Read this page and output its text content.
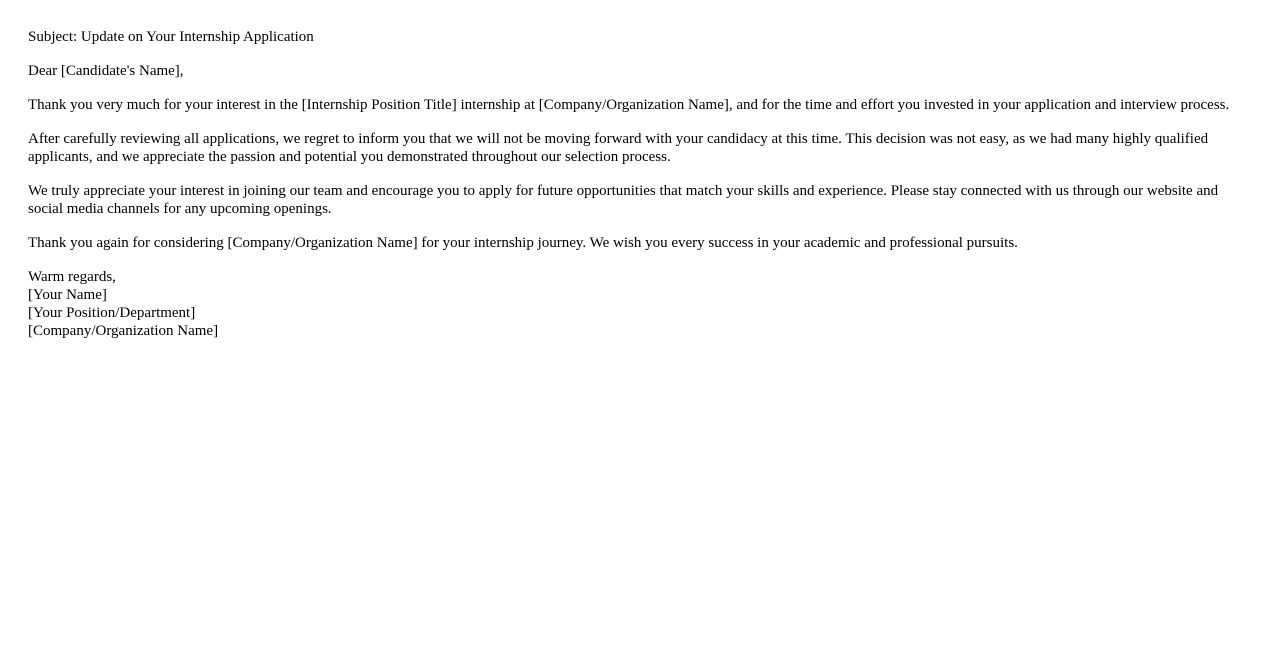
Subject: Update on Your Internship Application

Dear [Candidate's Name],

Thank you very much for your interest in the [Internship Position Title] internship at [Company/Organization Name], and for the time and effort you invested in your application and interview process.

After carefully reviewing all applications, we regret to inform you that we will not be moving forward with your candidacy at this time. This decision was not easy, as we had many highly qualified applicants, and we appreciate the passion and potential you demonstrated throughout our selection process.

We truly appreciate your interest in joining our team and encourage you to apply for future opportunities that match your skills and experience. Please stay connected with us through our website and social media channels for any upcoming openings.

Thank you again for considering [Company/Organization Name] for your internship journey. We wish you every success in your academic and professional pursuits.

Warm regards,
[Your Name]
[Your Position/Department]
[Company/Organization Name]
